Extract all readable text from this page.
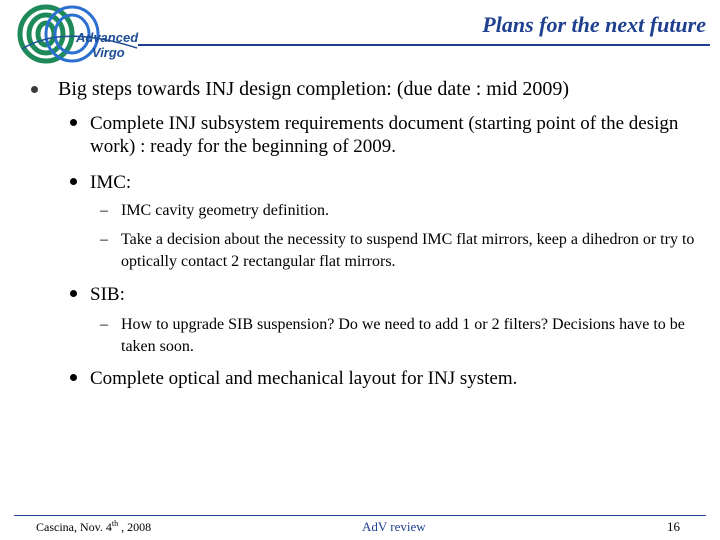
Advanced
Virgo
Plans for the next future
Big steps towards INJ design completion: (due date : mid 2009)
Complete INJ subsystem requirements document (starting point of the design work) : ready for the beginning of 2009.
IMC:
– IMC cavity geometry definition.
– Take a decision about the necessity to suspend IMC flat mirrors, keep a dihedron or try to optically contact 2 rectangular flat mirrors.
SIB:
– How to upgrade SIB suspension? Do we need to add 1 or 2 filters? Decisions have to be taken soon.
Complete optical and mechanical layout for INJ system.
Cascina, Nov. 4th , 2008	AdV review	16
